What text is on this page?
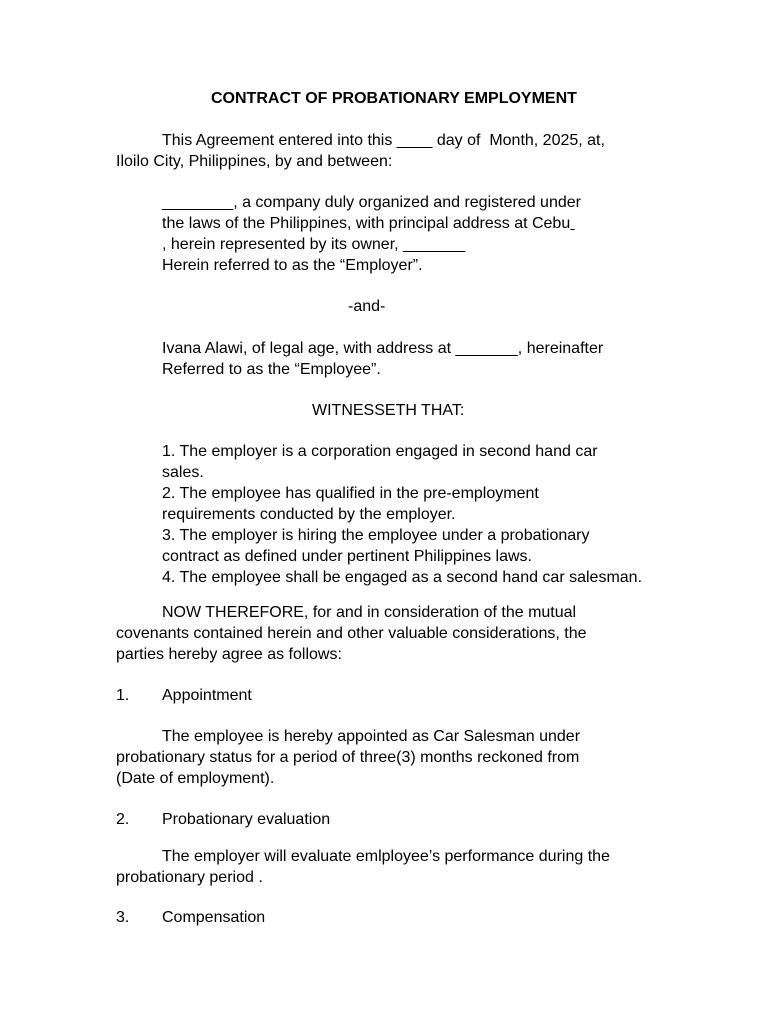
CONTRACT OF PROBATIONARY EMPLOYMENT
This Agreement entered into this ____ day of  Month, 2025, at,
Iloilo City, Philippines, by and between:
________, a company duly organized and registered under
the laws of the Philippines, with principal address at Cebu
, herein represented by its owner, _______
Herein referred to as the “Employer”.
-and-
Ivana Alawi, of legal age, with address at _______, hereinafter
Referred to as the “Employee”.
WITNESSETH THAT:
1. The employer is a corporation engaged in second hand car
sales.
2. The employee has qualified in the pre-employment
requirements conducted by the employer.
3. The employer is hiring the employee under a probationary
contract as defined under pertinent Philippines laws.
4. The employee shall be engaged as a second hand car salesman.
NOW THEREFORE, for and in consideration of the mutual
covenants contained herein and other valuable considerations, the
parties hereby agree as follows:
1. Appointment
The employee is hereby appointed as Car Salesman under
probationary status for a period of three(3) months reckoned from
(Date of employment).
2. Probationary evaluation
The employer will evaluate emlployee’s performance during the
probationary period .
3. Compensation
